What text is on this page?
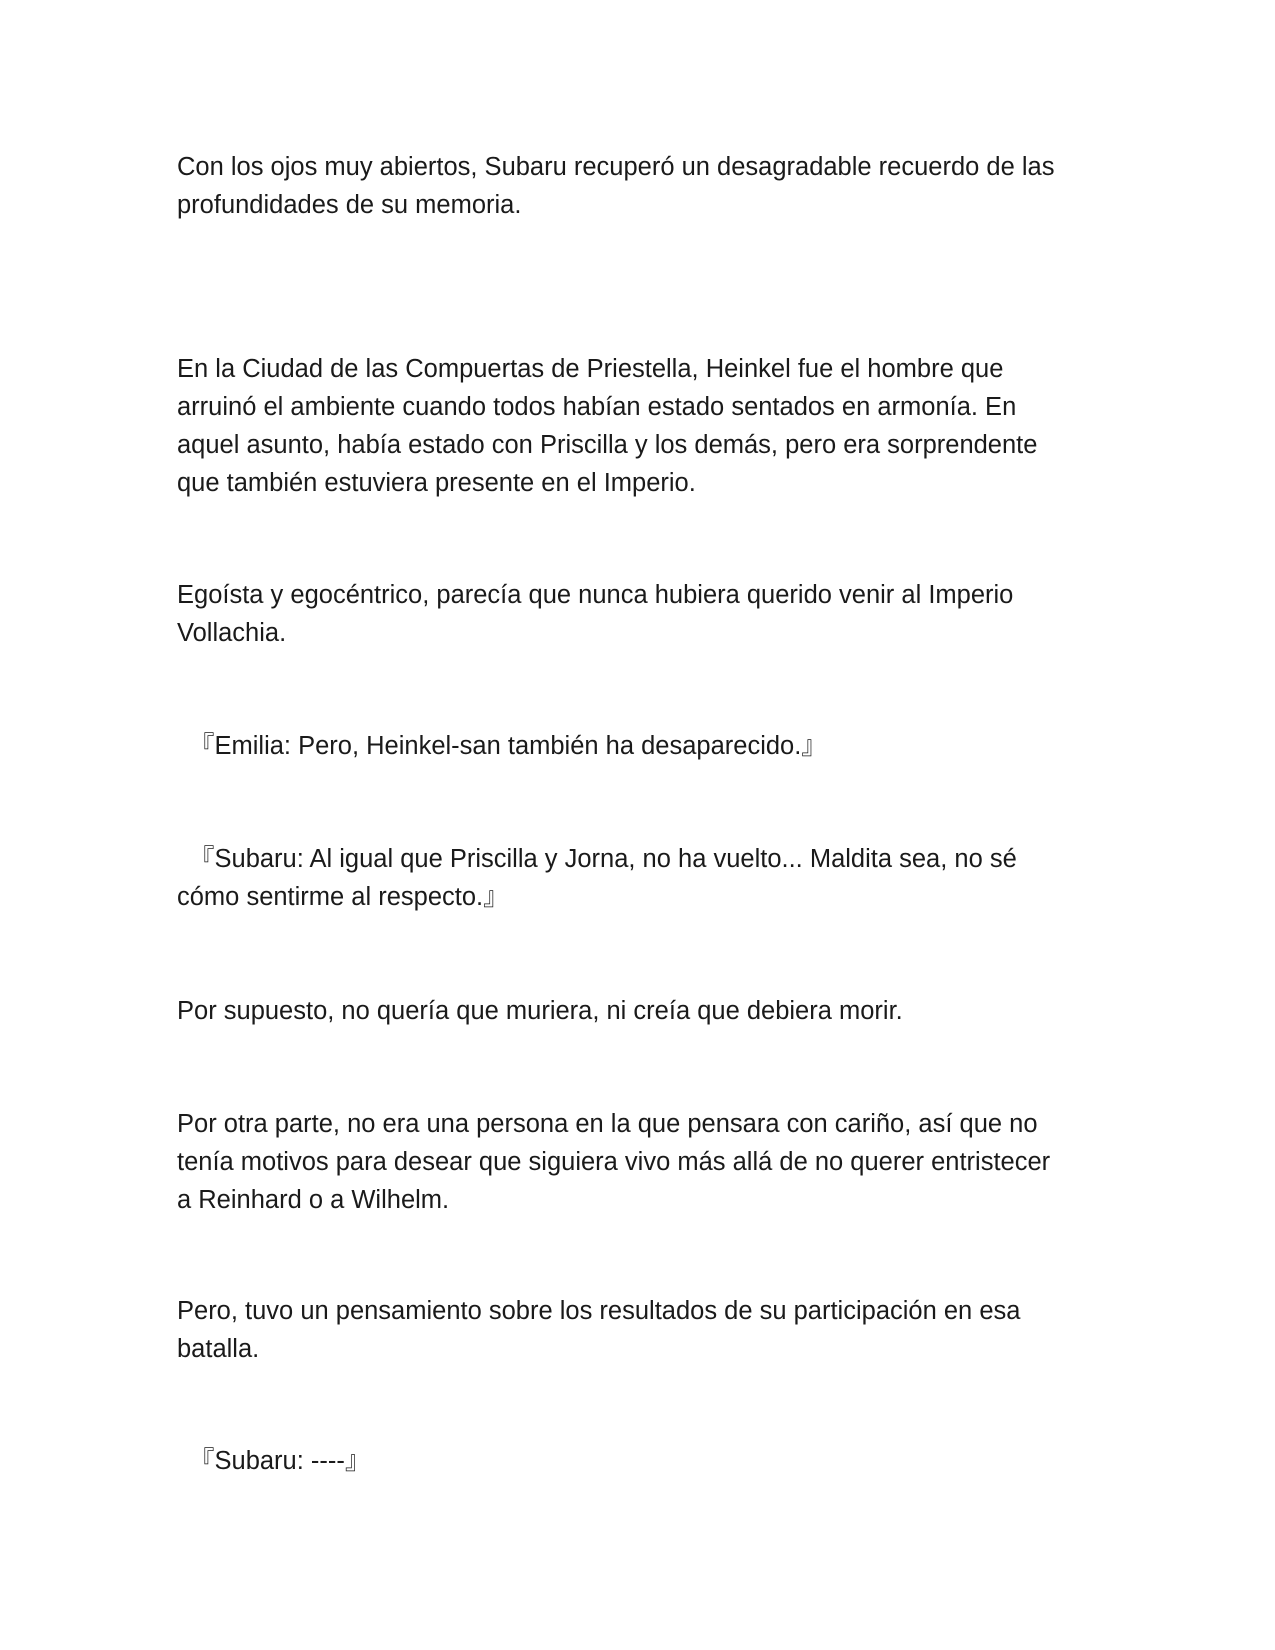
Con los ojos muy abiertos, Subaru recuperó un desagradable recuerdo de las
profundidades de su memoria.

En la Ciudad de las Compuertas de Priestella, Heinkel fue el hombre que
arruinó el ambiente cuando todos habían estado sentados en armonía. En
aquel asunto, había estado con Priscilla y los demás, pero era sorprendente
que también estuviera presente en el Imperio.

Egoísta y egocéntrico, parecía que nunca hubiera querido venir al Imperio
Vollachia.

『Emilia: Pero, Heinkel-san también ha desaparecido.』

『Subaru: Al igual que Priscilla y Jorna, no ha vuelto... Maldita sea, no sé
cómo sentirme al respecto.』

Por supuesto, no quería que muriera, ni creía que debiera morir.

Por otra parte, no era una persona en la que pensara con cariño, así que no
tenía motivos para desear que siguiera vivo más allá de no querer entristecer
a Reinhard o a Wilhelm.

Pero, tuvo un pensamiento sobre los resultados de su participación en esa
batalla.

『Subaru: ----』
